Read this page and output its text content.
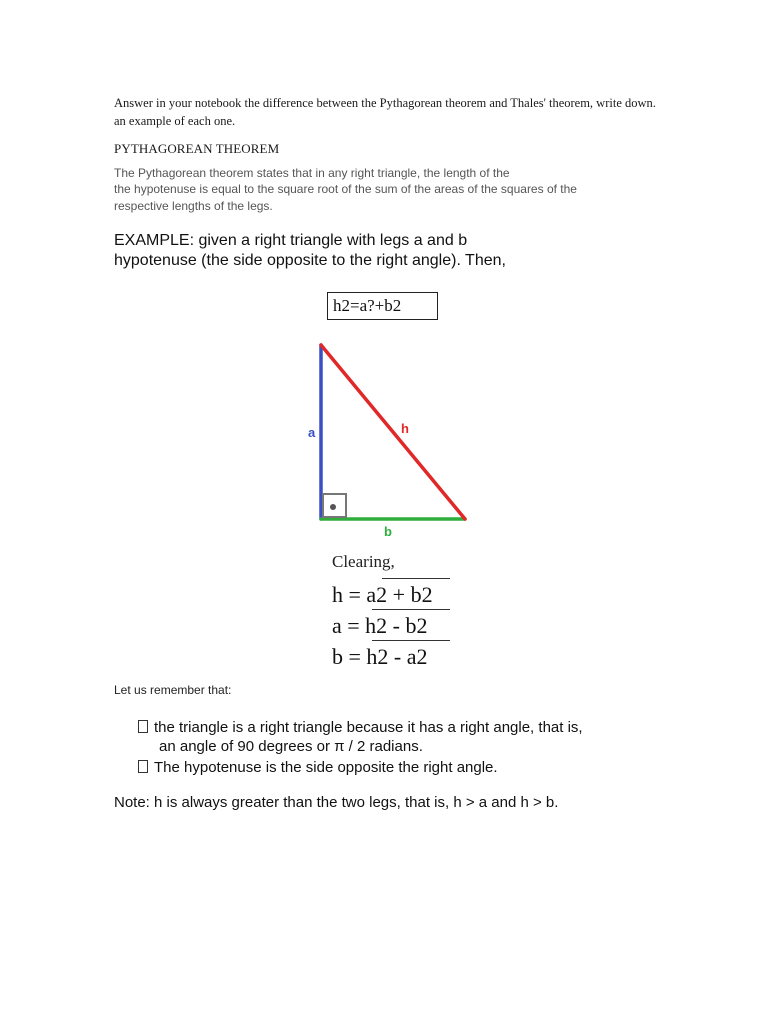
Answer in your notebook the difference between the Pythagorean theorem and Thales' theorem, write down.
an example of each one.
PYTHAGOREAN THEOREM
The Pythagorean theorem states that in any right triangle, the length of the
the hypotenuse is equal to the square root of the sum of the areas of the squares of the
respective lengths of the legs.
EXAMPLE: given a right triangle with legs a and b
hypotenuse (the side opposite to the right angle). Then,
h2=a?+b2
a	h
b
Clearing,
h = a2 + b2
a = h2 - b2
b = h2 - a2
Let us remember that:
the triangle is a right triangle because it has a right angle, that is,
an angle of 90 degrees or π / 2 radians.
The hypotenuse is the side opposite the right angle.
Note: h is always greater than the two legs, that is, h > a and h > b.
